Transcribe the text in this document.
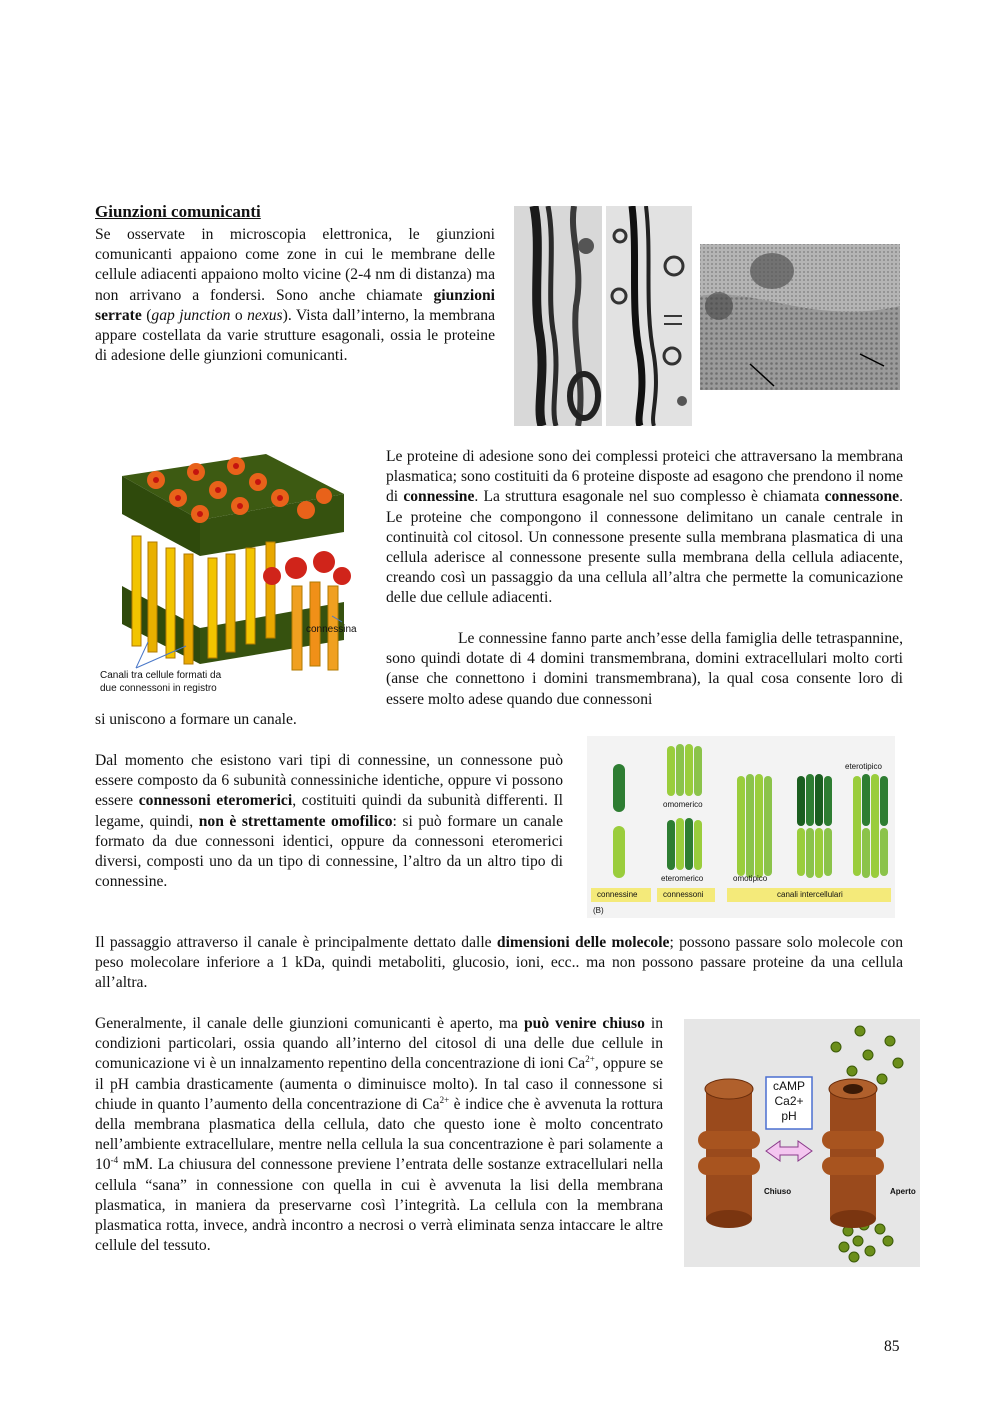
Giunzioni comunicanti

Se osservate in microscopia elettronica, le giunzioni comunicanti appaiono come zone in cui le membrane delle cellule adiacenti appaiono molto vicine (2-4 nm di distanza) ma non arrivano a fondersi. Sono anche chiamate giunzioni serrate (gap junction o nexus). Vista dall’interno, la membrana appare costellata da varie strutture esagonali, ossia le proteine di adesione delle giunzioni comunicanti.

connessina
Canali tra cellule formati da
due connessoni in registro

Le proteine di adesione sono dei complessi proteici che attraversano la membrana plasmatica; sono costituiti da 6 proteine disposte ad esagono che prendono il nome di connessine. La struttura esagonale nel suo complesso è chiamata connessone. Le proteine che compongono il connessone delimitano un canale centrale in continuità col citosol. Un connessone presente sulla membrana plasmatica di una cellula aderisce al connessone presente sulla membrana della cellula adiacente, creando così un passaggio da una cellula all’altra che permette la comunicazione delle due cellule adiacenti.

Le connessine fanno parte anch’esse della famiglia delle tetraspannine, sono quindi dotate di 4 domini transmembrana, domini extracellulari molto corti (anse che connettono i domini transmembrana), la qual cosa consente loro di essere molto adese quando due connessoni

si uniscono a formare un canale.

Dal momento che esistono vari tipi di connessine, un connessone può essere composto da 6 subunità connessiniche identiche, oppure vi possono essere connessoni eteromerici, costituiti quindi da subunità differenti. Il legame, quindi, non è strettamente omofilico: si può formare un canale formato da due connessoni identici, oppure da connessoni eteromerici diversi, composti uno da un tipo di connessine, l’altro da un altro tipo di connessine.

omomerico
eteromerico	omotipico
eterotipico
connessine	connessoni	canali intercellulari
(B)

Il passaggio attraverso il canale è principalmente dettato dalle dimensioni delle molecole; possono passare solo molecole con peso molecolare inferiore a 1 kDa, quindi metaboliti, glucosio, ioni, ecc.. ma non possono passare proteine da una cellula all’altra.

Generalmente, il canale delle giunzioni comunicanti è aperto, ma può venire chiuso in condizioni particolari, ossia quando all’interno del citosol di una delle due cellule in comunicazione vi è un innalzamento repentino della concentrazione di ioni $Ca^{2+}$, oppure se il pH cambia drasticamente (aumenta o diminuisce molto). In tal caso il connessone si chiude in quanto l’aumento della concentrazione di $Ca^{2+}$ è indice che è avvenuta la rottura della membrana plasmatica della cellula, dato che questo ione è molto concentrato nell’ambiente extracellulare, mentre nella cellula la sua concentrazione è pari solamente a $10^{-4}$ mM. La chiusura del connessone previene l’entrata delle sostanze extracellulari nella cellula “sana” in connessione con quella in cui è avvenuta la lisi della membrana plasmatica, in maniera da preservarne così l’integrità. La cellula con la membrana plasmatica rotta, invece, andrà incontro a necrosi o verrà eliminata senza intaccare le altre cellule del tessuto.

cAMP
Ca2+
pH
Chiuso	Aperto
85
